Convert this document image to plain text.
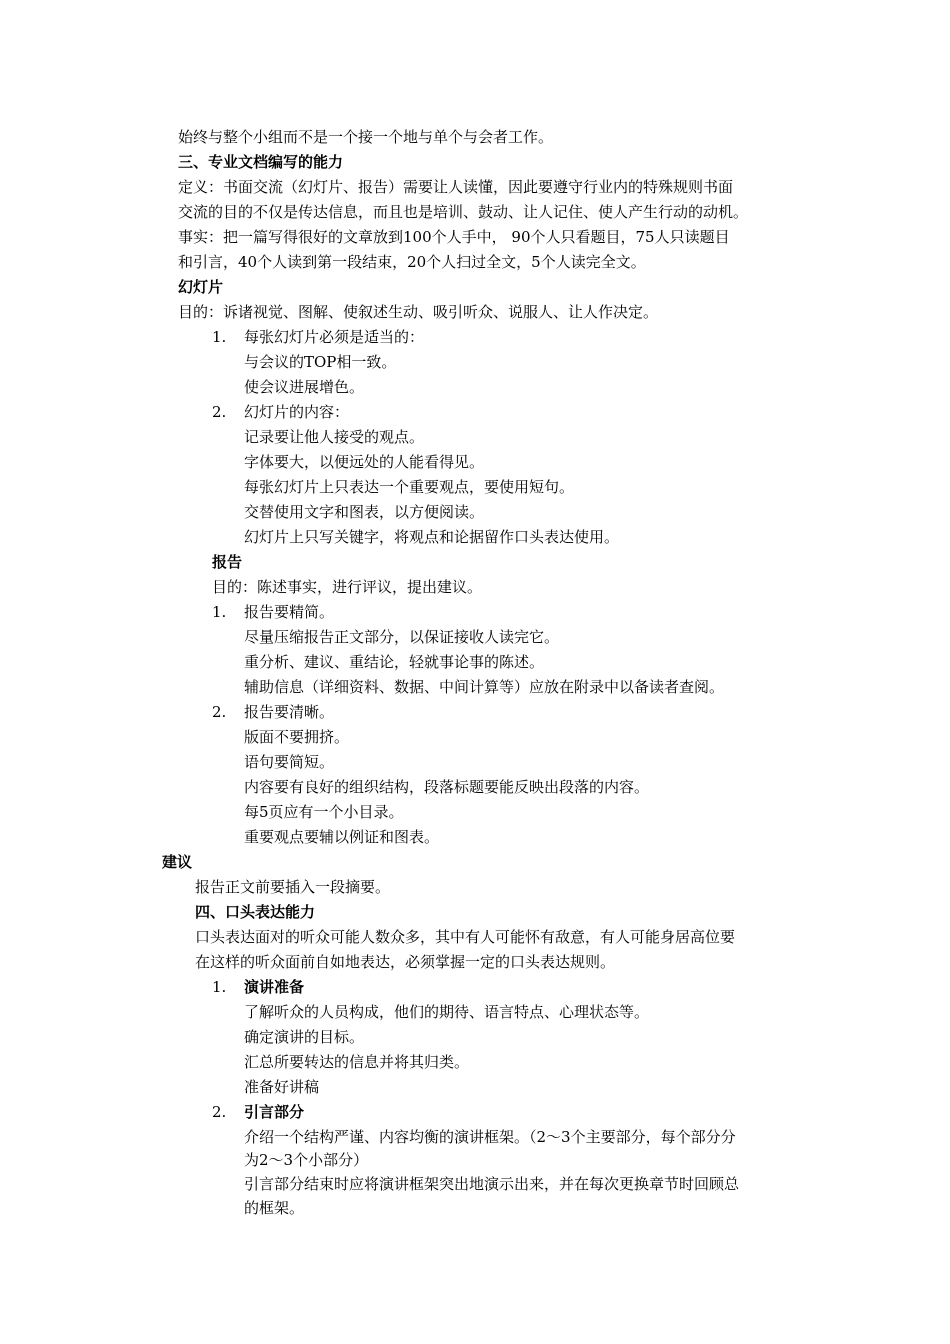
始终与整个小组而不是一个接一个地与单个与会者工作。
三、专业文档编写的能力
定义：书面交流（幻灯片、报告）需要让人读懂，因此要遵守行业内的特殊规则书面
交流的目的不仅是传达信息，而且也是培训、鼓动、让人记住、使人产生行动的动机。
事实：把一篇写得很好的文章放到100个人手中， 90个人只看题目，75人只读题目
和引言，40个人读到第一段结束，20个人扫过全文，5个人读完全文。
幻灯片
目的：诉诸视觉、图解、使叙述生动、吸引听众、说服人、让人作决定。
1. 每张幻灯片必须是适当的：
与会议的TOP相一致。
使会议进展增色。
2. 幻灯片的内容：
记录要让他人接受的观点。
字体要大，以便远处的人能看得见。
每张幻灯片上只表达一个重要观点，要使用短句。
交替使用文字和图表，以方便阅读。
幻灯片上只写关键字，将观点和论据留作口头表达使用。
报告
目的：陈述事实，进行评议，提出建议。
1. 报告要精简。
尽量压缩报告正文部分，以保证接收人读完它。
重分析、建议、重结论，轻就事论事的陈述。
辅助信息（详细资料、数据、中间计算等）应放在附录中以备读者查阅。
2. 报告要清晰。
版面不要拥挤。
语句要简短。
内容要有良好的组织结构，段落标题要能反映出段落的内容。
每5页应有一个小目录。
重要观点要辅以例证和图表。
建议
报告正文前要插入一段摘要。
四、口头表达能力
口头表达面对的听众可能人数众多，其中有人可能怀有敌意，有人可能身居高位要
在这样的听众面前自如地表达，必须掌握一定的口头表达规则。
1. 演讲准备
了解听众的人员构成，他们的期待、语言特点、心理状态等。
确定演讲的目标。
汇总所要转达的信息并将其归类。
准备好讲稿
2. 引言部分
介绍一个结构严谨、内容均衡的演讲框架。（2～3个主要部分，每个部分分
为2～3个小部分）
引言部分结束时应将演讲框架突出地演示出来，并在每次更换章节时回顾总
的框架。
